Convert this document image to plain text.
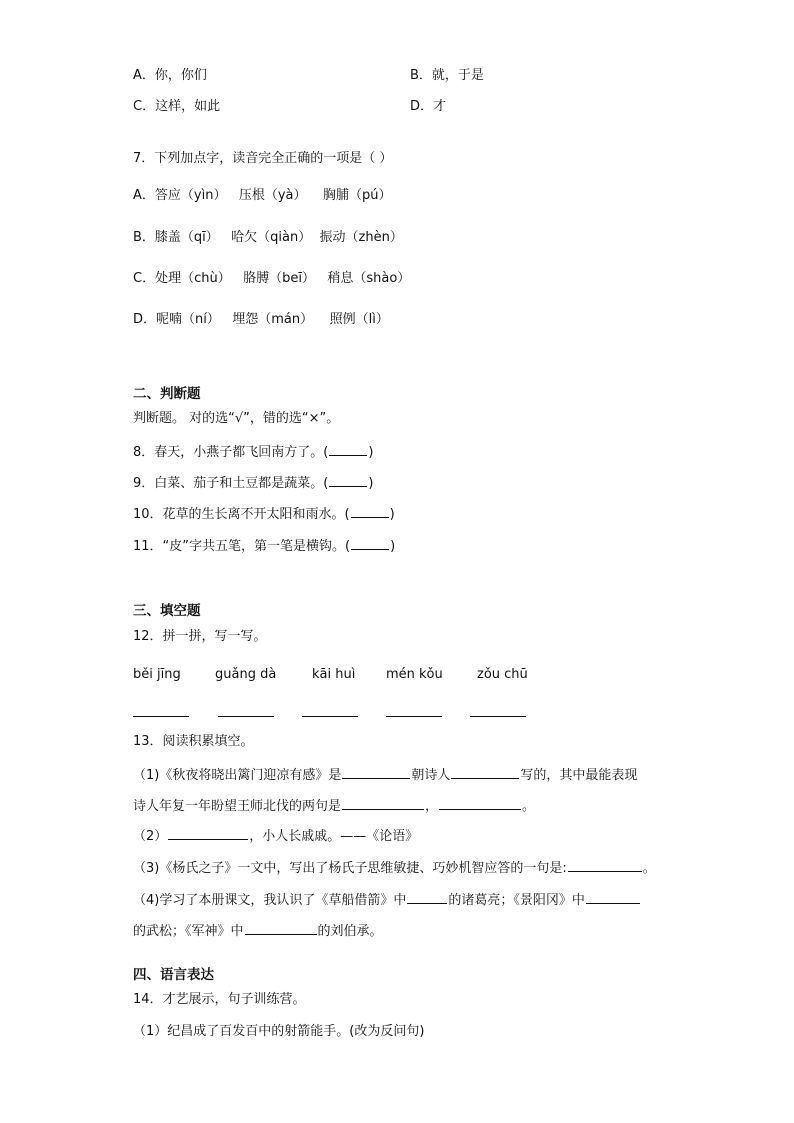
A．你，你们	B．就，于是
C．这样，如此	D．才
7．下列加点字，读音完全正确的一项是（ ）
A．答应（yìn）   压根（yà）    胸脯（pú）
B．膝盖（qī）   哈欠（qiàn）  振动（zhèn）
C．处理（chù）   胳膊（beī）   稍息（shào）
D．呢喃（ní）   埋怨（mán）    照例（lì）
二、判断题
判断题。 对的选“√”，错的选“×”。
8．春天，小燕子都飞回南方了。(	)
9．白菜、茄子和土豆都是蔬菜。(	)
10．花草的生长离不开太阳和雨水。(	)
11．“皮”字共五笔，第一笔是横钩。(	)
三、填空题
12．拼一拼，写一写。
běi jīng	guǎng dà	kāi huì mén kǒu	zǒu chū
13．阅读积累填空。
（1)《秋夜将晓出篱门迎凉有感》是	朝诗人	写的，其中最能表现
诗人年复一年盼望王师北伐的两句是	，	。
（2）	，小人长戚戚。——《论语》
（3)《杨氏之子》一文中，写出了杨氏子思维敏捷、巧妙机智应答的一句是:	。
（4)学习了本册课文，我认识了《草船借箭》中	的诸葛亮；《景阳冈》中
的武松；《军神》中	的刘伯承。
四、语言表达
14．才艺展示，句子训练营。
（1）纪昌成了百发百中的射箭能手。(改为反问句)
